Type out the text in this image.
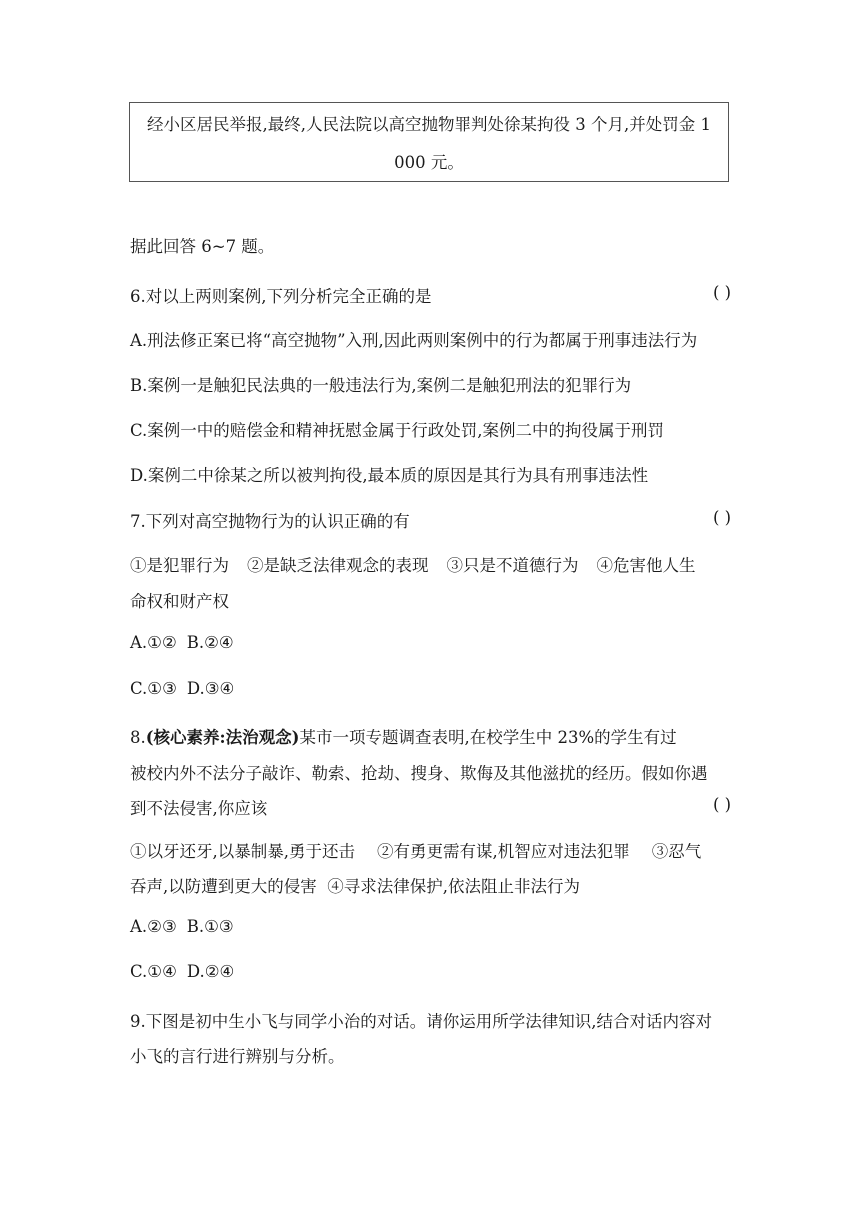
经小区居民举报,最终,人民法院以高空抛物罪判处徐某拘役 3 个月,并处罚金 1
000 元。
据此回答 6~7 题。
6.对以上两则案例,下列分析完全正确的是	( )
A.刑法修正案已将“高空抛物”入刑,因此两则案例中的行为都属于刑事违法行为
B.案例一是触犯民法典的一般违法行为,案例二是触犯刑法的犯罪行为
C.案例一中的赔偿金和精神抚慰金属于行政处罚,案例二中的拘役属于刑罚
D.案例二中徐某之所以被判拘役,最本质的原因是其行为具有刑事违法性
7.下列对高空抛物行为的认识正确的有	( )
①是犯罪行为 ②是缺乏法律观念的表现 ③只是不道德行为 ④危害他人生
命权和财产权
A.①② B.②④
C.①③ D.③④
8.(核心素养:法治观念)某市一项专题调查表明,在校学生中 23%的学生有过
被校内外不法分子敲诈、勒索、抢劫、搜身、欺侮及其他滋扰的经历。假如你遇
到不法侵害,你应该	( )
①以牙还牙,以暴制暴,勇于还击 ②有勇更需有谋,机智应对违法犯罪 ③忍气
吞声,以防遭到更大的侵害  ④寻求法律保护,依法阻止非法行为
A.②③ B.①③
C.①④ D.②④
9.下图是初中生小飞与同学小治的对话。请你运用所学法律知识,结合对话内容对
小飞的言行进行辨别与分析。
